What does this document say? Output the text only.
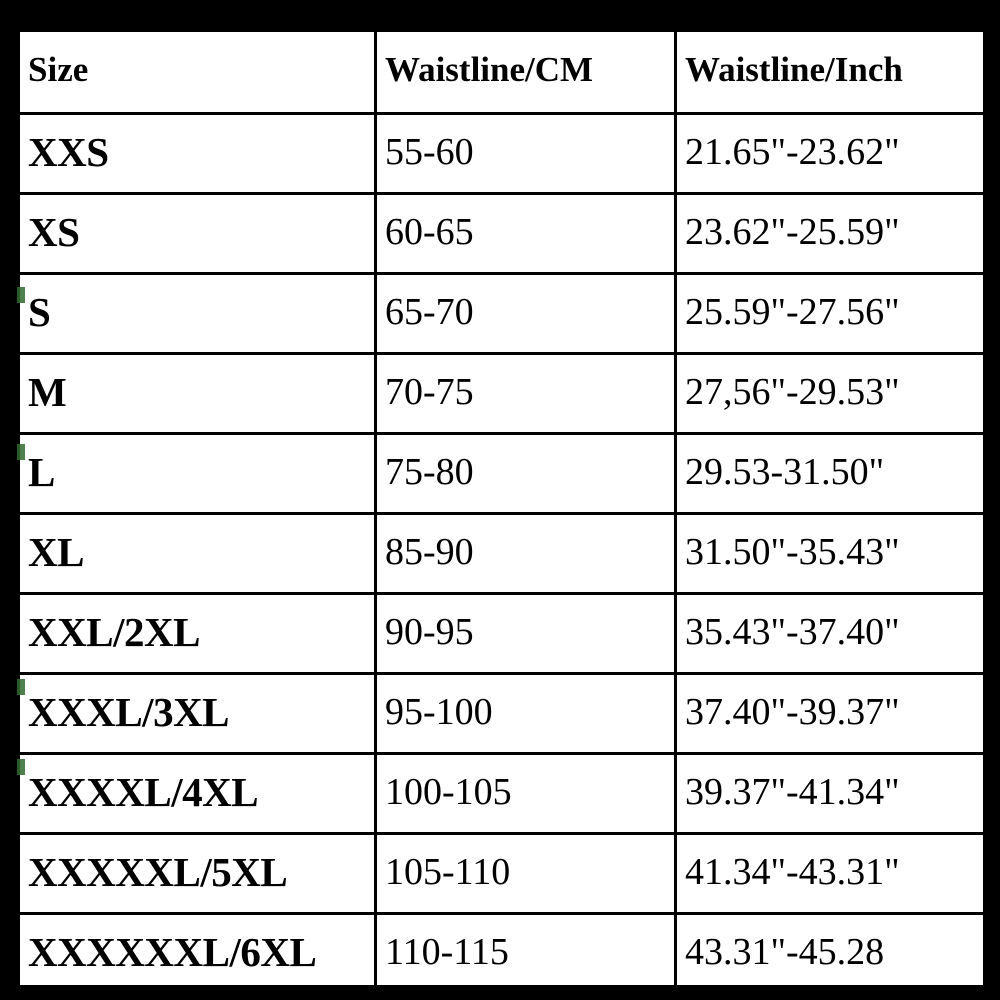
Size	Waistline/CM	Waistline/Inch
XXS	55-60	21.65"-23.62"
XS	60-65	23.62"-25.59"
S	65-70	25.59"-27.56"
M	70-75	27,56"-29.53"
L	75-80	29.53-31.50"
XL	85-90	31.50"-35.43"
XXL/2XL	90-95	35.43"-37.40"
XXXL/3XL	95-100	37.40"-39.37"
XXXXL/4XL	100-105	39.37"-41.34"
XXXXXL/5XL	105-110	41.34"-43.31"
XXXXXXL/6XL	110-115	43.31"-45.28
